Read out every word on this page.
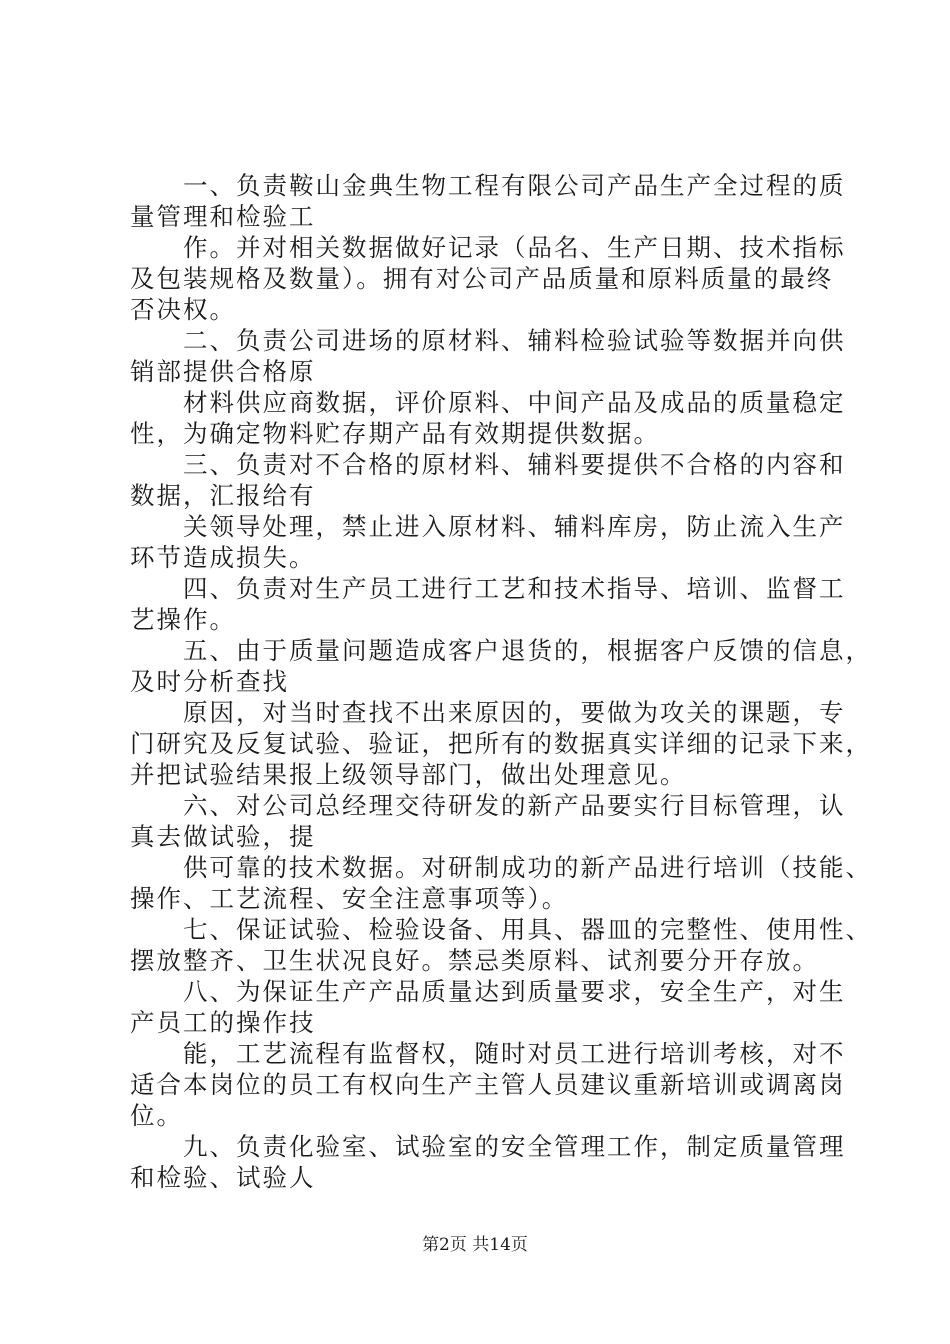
　　一、负责鞍山金典生物工程有限公司产品生产全过程的质

量管理和检验工

　　作。并对相关数据做好记录（品名、生产日期、技术指标

及包装规格及数量）。拥有对公司产品质量和原料质量的最终

否决权。

　　二、负责公司进场的原材料、辅料检验试验等数据并向供

销部提供合格原

　　材料供应商数据，评价原料、中间产品及成品的质量稳定

性，为确定物料贮存期产品有效期提供数据。

　　三、负责对不合格的原材料、辅料要提供不合格的内容和

数据，汇报给有

　　关领导处理，禁止进入原材料、辅料库房，防止流入生产

环节造成损失。

　　四、负责对生产员工进行工艺和技术指导、培训、监督工

艺操作。

　　五、由于质量问题造成客户退货的，根据客户反馈的信息，

及时分析查找

　　原因，对当时查找不出来原因的，要做为攻关的课题，专

门研究及反复试验、验证，把所有的数据真实详细的记录下来，

并把试验结果报上级领导部门，做出处理意见。

　　六、对公司总经理交待研发的新产品要实行目标管理，认

真去做试验，提

　　供可靠的技术数据。对研制成功的新产品进行培训（技能、

操作、工艺流程、安全注意事项等）。

　　七、保证试验、检验设备、用具、器皿的完整性、使用性、

摆放整齐、卫生状况良好。禁忌类原料、试剂要分开存放。

　　八、为保证生产产品质量达到质量要求，安全生产，对生

产员工的操作技

　　能，工艺流程有监督权，随时对员工进行培训考核，对不

适合本岗位的员工有权向生产主管人员建议重新培训或调离岗

位。

　　九、负责化验室、试验室的安全管理工作，制定质量管理

和检验、试验人

第2页 共14页
